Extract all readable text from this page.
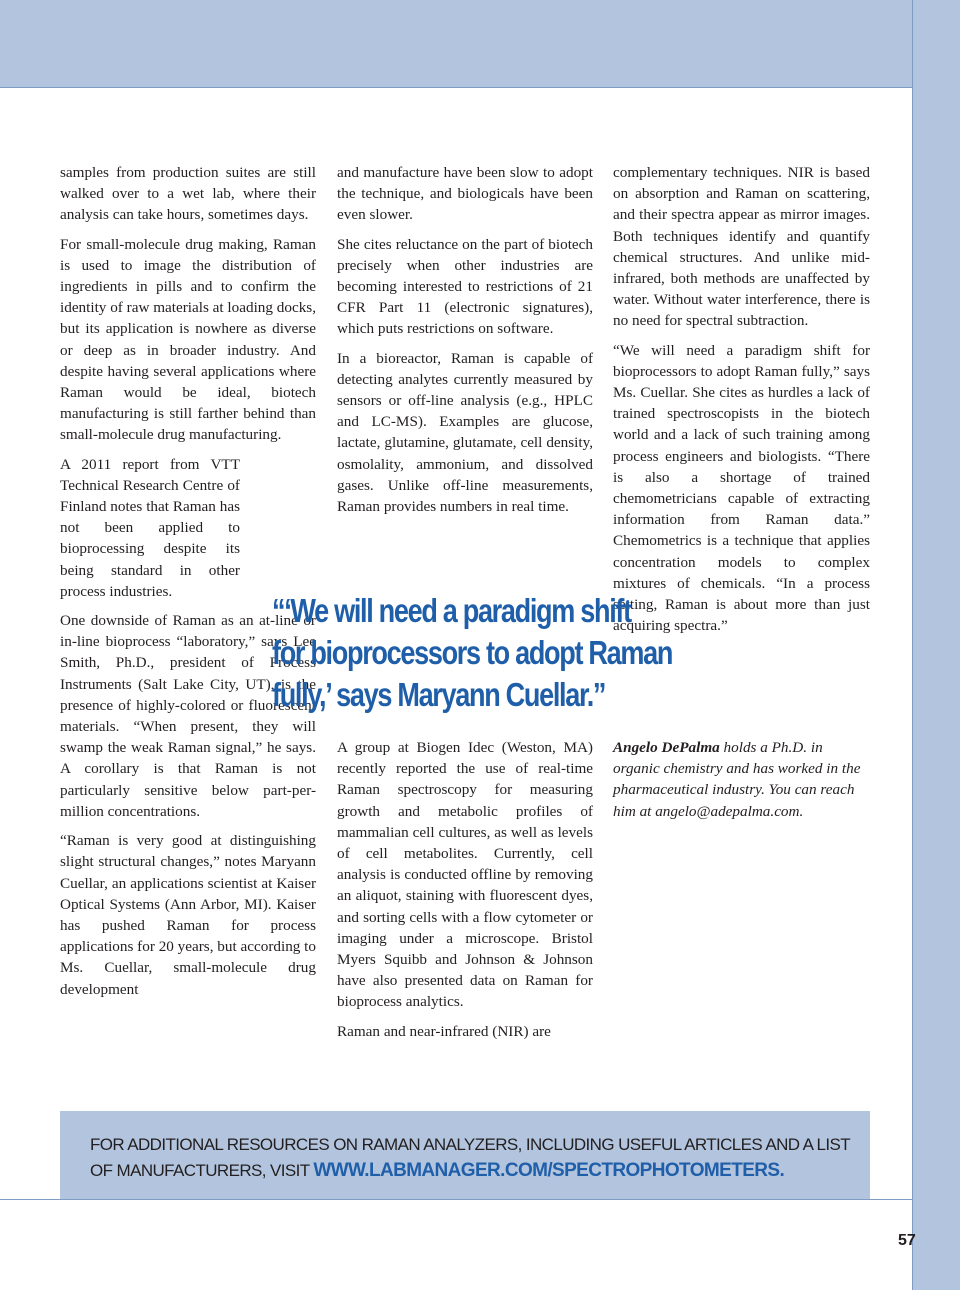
samples from production suites are still walked over to a wet lab, where their analysis can take hours, sometimes days.

For small-molecule drug making, Raman is used to image the distribution of ingredients in pills and to confirm the identity of raw materials at loading docks, but its application is nowhere as diverse or deep as in broader industry. And despite having several applications where Raman would be ideal, biotech manufacturing is still farther behind than small-molecule drug manufacturing.

A 2011 report from VTT Technical Research Centre of Finland notes that Raman has not been applied to bioprocessing despite its being standard in other process industries.

One downside of Raman as an at-line or in-line bioprocess “laboratory,” says Lee Smith, Ph.D., president of Process Instruments (Salt Lake City, UT), is the presence of highly-colored or fluorescent materials. “When present, they will swamp the weak Raman signal,” he says. A corollary is that Raman is not particularly sensitive below part-per-million concentrations.

“Raman is very good at distinguishing slight structural changes,” notes Maryann Cuellar, an applications scientist at Kaiser Optical Systems (Ann Arbor, MI). Kaiser has pushed Raman for process applications for 20 years, but according to Ms. Cuellar, small-molecule drug development

and manufacture have been slow to adopt the technique, and biologicals have been even slower.

She cites reluctance on the part of biotech precisely when other industries are becoming interested to restrictions of 21 CFR Part 11 (electronic signatures), which puts restrictions on software.

In a bioreactor, Raman is capable of detecting analytes currently measured by sensors or off-line analysis (e.g., HPLC and LC-MS). Examples are glucose, lactate, glutamine, glutamate, cell density, osmolality, ammonium, and dissolved gases. Unlike off-line measurements, Raman provides numbers in real time.

A group at Biogen Idec (Weston, MA) recently reported the use of real-time Raman spectroscopy for measuring growth and metabolic profiles of mammalian cell cultures, as well as levels of cell metabolites. Currently, cell analysis is conducted offline by removing an aliquot, staining with fluorescent dyes, and sorting cells with a flow cytometer or imaging under a microscope. Bristol Myers Squibb and Johnson & Johnson have also presented data on Raman for bioprocess analytics.

Raman and near-infrared (NIR) are

complementary techniques. NIR is based on absorption and Raman on scattering, and their spectra appear as mirror images. Both techniques identify and quantify chemical structures. And unlike mid-infrared, both methods are unaffected by water. Without water interference, there is no need for spectral subtraction.

“We will need a paradigm shift for bioprocessors to adopt Raman fully,” says Ms. Cuellar. She cites as hurdles a lack of trained spectroscopists in the biotech world and a lack of such training among process engineers and biologists. “There is also a shortage of trained chemometricians capable of extracting information from Raman data.” Chemometrics is a technique that applies concentration models to complex mixtures of chemicals. “In a process setting, Raman is about more than just acquiring spectra.”

Angelo DePalma holds a Ph.D. in organic chemistry and has worked in the pharmaceutical industry. You can reach him at angelo@adepalma.com.

“‘We will need a paradigm shift
for bioprocessors to adopt Raman
fully,’ says Maryann Cuellar.”
FOR ADDITIONAL RESOURCES ON RAMAN ANALYZERS, INCLUDING USEFUL ARTICLES AND A LIST OF MANUFACTURERS, VISIT WWW.LABMANAGER.COM/SPECTROPHOTOMETERS.
57
